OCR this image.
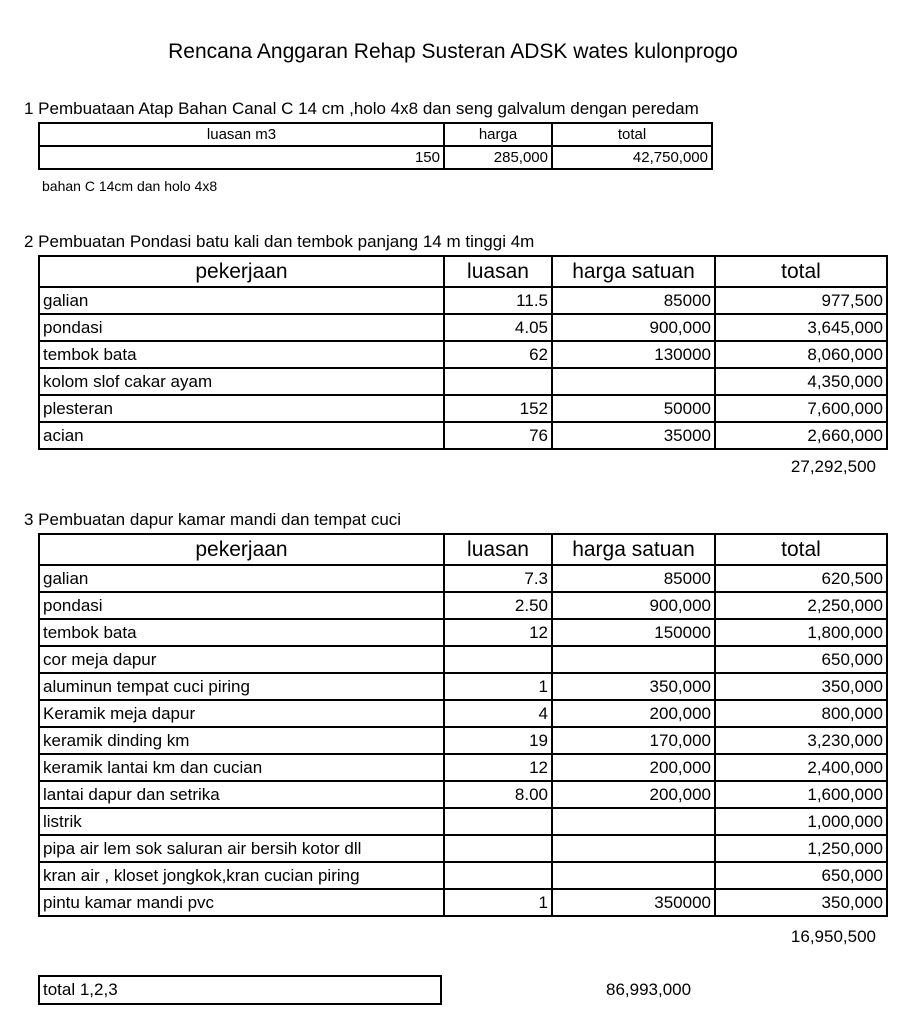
Rencana Anggaran Rehap Susteran ADSK wates kulonprogo
1 Pembuataan Atap Bahan Canal C 14 cm ,holo 4x8 dan seng galvalum dengan peredam
luasan m3	harga	total
150	285,000	42,750,000
bahan C 14cm dan holo 4x8
2 Pembuatan Pondasi batu kali dan tembok panjang 14 m tinggi 4m
pekerjaan	luasan	harga satuan	total
galian	11.5	85000	977,500
pondasi	4.05	900,000	3,645,000
tembok bata	62	130000	8,060,000
kolom slof cakar ayam			4,350,000
plesteran	152	50000	7,600,000
acian	76	35000	2,660,000
27,292,500
3 Pembuatan dapur kamar mandi dan tempat cuci
pekerjaan	luasan	harga satuan	total
galian	7.3	85000	620,500
pondasi	2.50	900,000	2,250,000
tembok bata	12	150000	1,800,000
cor meja dapur			650,000
aluminun tempat cuci piring	1	350,000	350,000
Keramik meja dapur	4	200,000	800,000
keramik dinding km	19	170,000	3,230,000
keramik lantai km dan cucian	12	200,000	2,400,000
lantai dapur dan setrika	8.00	200,000	1,600,000
listrik			1,000,000
pipa air lem sok saluran air bersih kotor dll			1,250,000
kran air , kloset jongkok,kran cucian piring			650,000
pintu kamar mandi pvc	1	350000	350,000
16,950,500
total 1,2,3	86,993,000
